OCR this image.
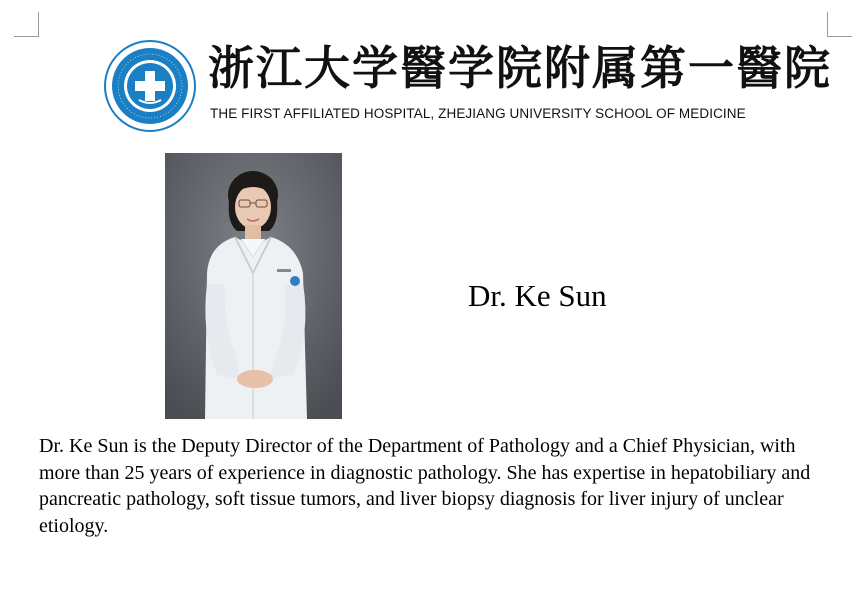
浙江大学醫学院附属第一醫院
THE FIRST AFFILIATED HOSPITAL, ZHEJIANG UNIVERSITY SCHOOL OF MEDICINE
Dr. Ke Sun
Dr. Ke Sun is the Deputy Director of the Department of Pathology and a Chief Physician, with more than 25 years of experience in diagnostic pathology. She has expertise in hepatobiliary and pancreatic pathology, soft tissue tumors, and liver biopsy diagnosis for liver injury of unclear etiology.
